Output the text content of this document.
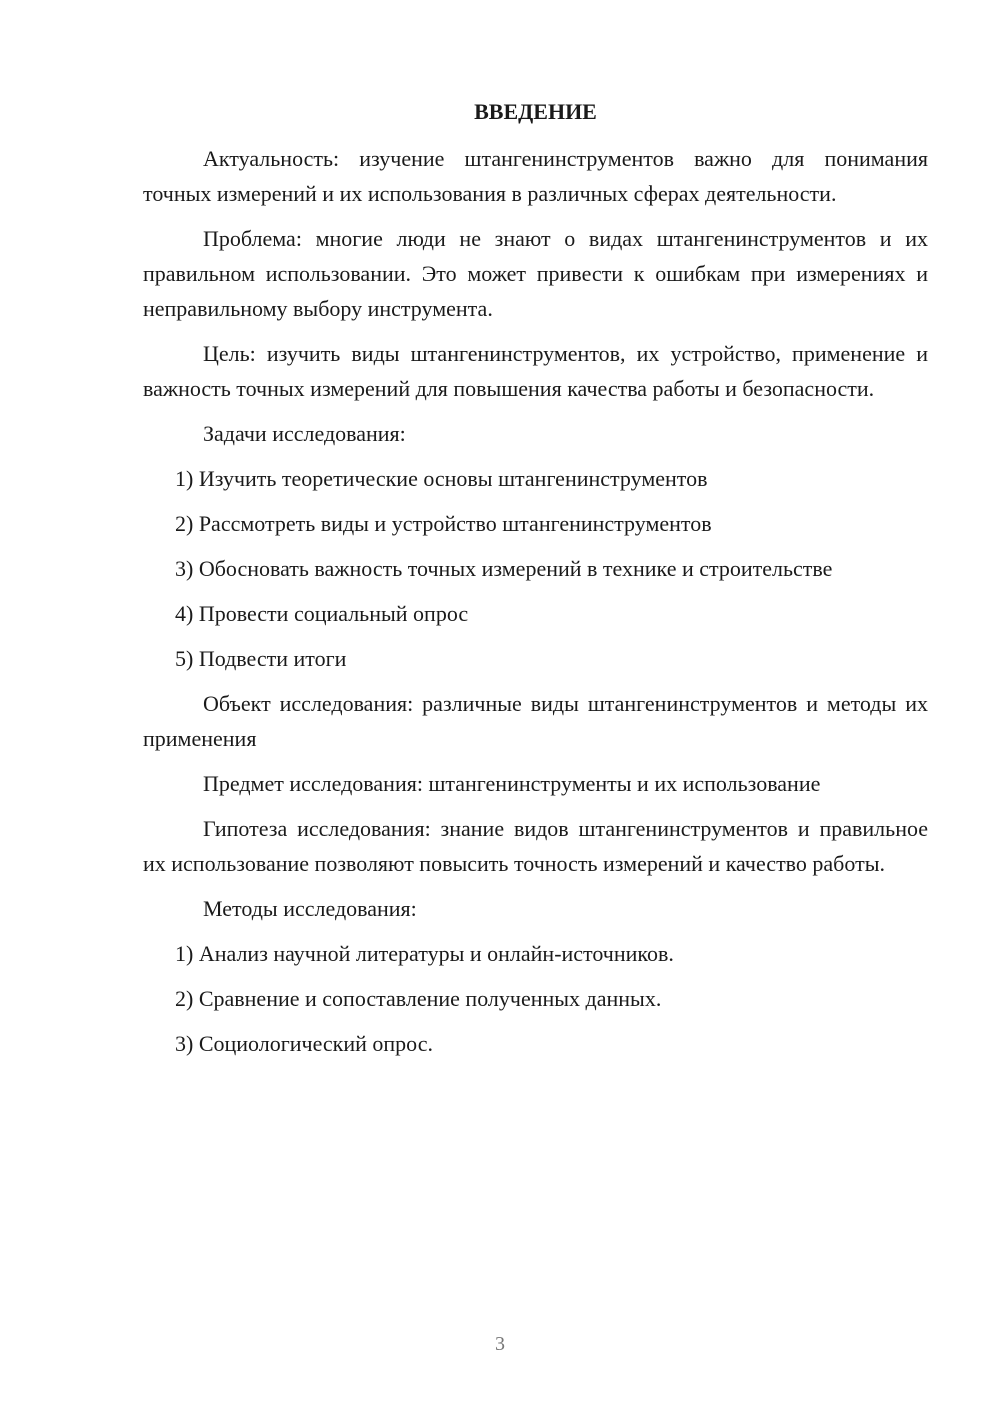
ВВЕДЕНИЕ

Актуальность: изучение штангенинструментов важно для понимания точных измерений и их использования в различных сферах деятельности.

Проблема: многие люди не знают о видах штангенинструментов и их правильном использовании. Это может привести к ошибкам при измерениях и неправильному выбору инструмента.

Цель: изучить виды штангенинструментов, их устройство, применение и важность точных измерений для повышения качества работы и безопасности.

Задачи исследования:

1) Изучить теоретические основы штангенинструментов
2) Рассмотреть виды и устройство штангенинструментов
3) Обосновать важность точных измерений в технике и строительстве
4) Провести социальный опрос
5) Подвести итоги

Объект исследования: различные виды штангенинструментов и методы их применения

Предмет исследования: штангенинструменты и их использование

Гипотеза исследования: знание видов штангенинструментов и правильное их использование позволяют повысить точность измерений и качество работы.

Методы исследования:

1) Анализ научной литературы и онлайн-источников.
2) Сравнение и сопоставление полученных данных.
3) Социологический опрос.
3
